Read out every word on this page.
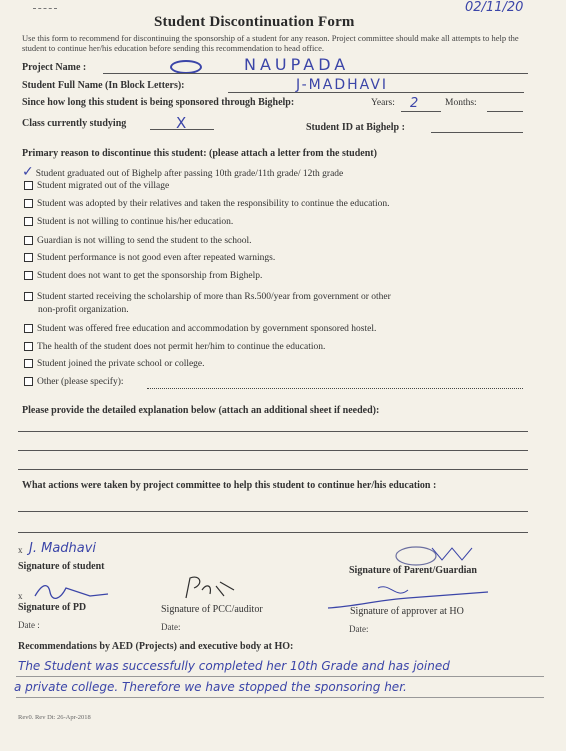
02/11/20
Student Discontinuation Form
Use this form to recommend for discontinuing the sponsorship of a student for any reason. Project committee should make all attempts to help the student to continue her/his education before sending this recommendation to head office.
Project Name :	NAUPADA
Student Full Name (In Block Letters):	J-MADHAVI
Since how long this student is being sponsored through Bighelp:	Years: 2	Months:
Class currently studying	X	Student ID at Bighelp :
Primary reason to discontinue this student: (please attach a letter from the student)
✓ Student graduated out of Bighelp after passing 10th grade/11th grade/ 12th grade
Student migrated out of the village
Student was adopted by their relatives and taken the responsibility to continue the education.
Student is not willing to continue his/her education.
Guardian is not willing to send the student to the school.
Student performance is not good even after repeated warnings.
Student does not want to get the sponsorship from Bighelp.
Student started receiving the scholarship of more than Rs.500/year from government or other
non-profit organization.
Student was offered free education and accommodation by government sponsored hostel.
The health of the student does not permit her/him to continue the education.
Student joined the private school or college.
Other (please specify):
Please provide the detailed explanation below (attach an additional sheet if needed):
What actions were taken by project committee to help this student to continue her/his education :
x J. Madhavi
Signature of student	Signature of Parent/Guardian
x
Signature of PD	Signature of PCC/auditor	Signature of approver at HO
Date :	Date:	Date:
Recommendations by AED (Projects) and executive body at HO:
The Student was successfully completed her 10th Grade and has joined
a private college. Therefore we have stopped the sponsoring her.
Rev0. Rev Dt: 26-Apr-2018
